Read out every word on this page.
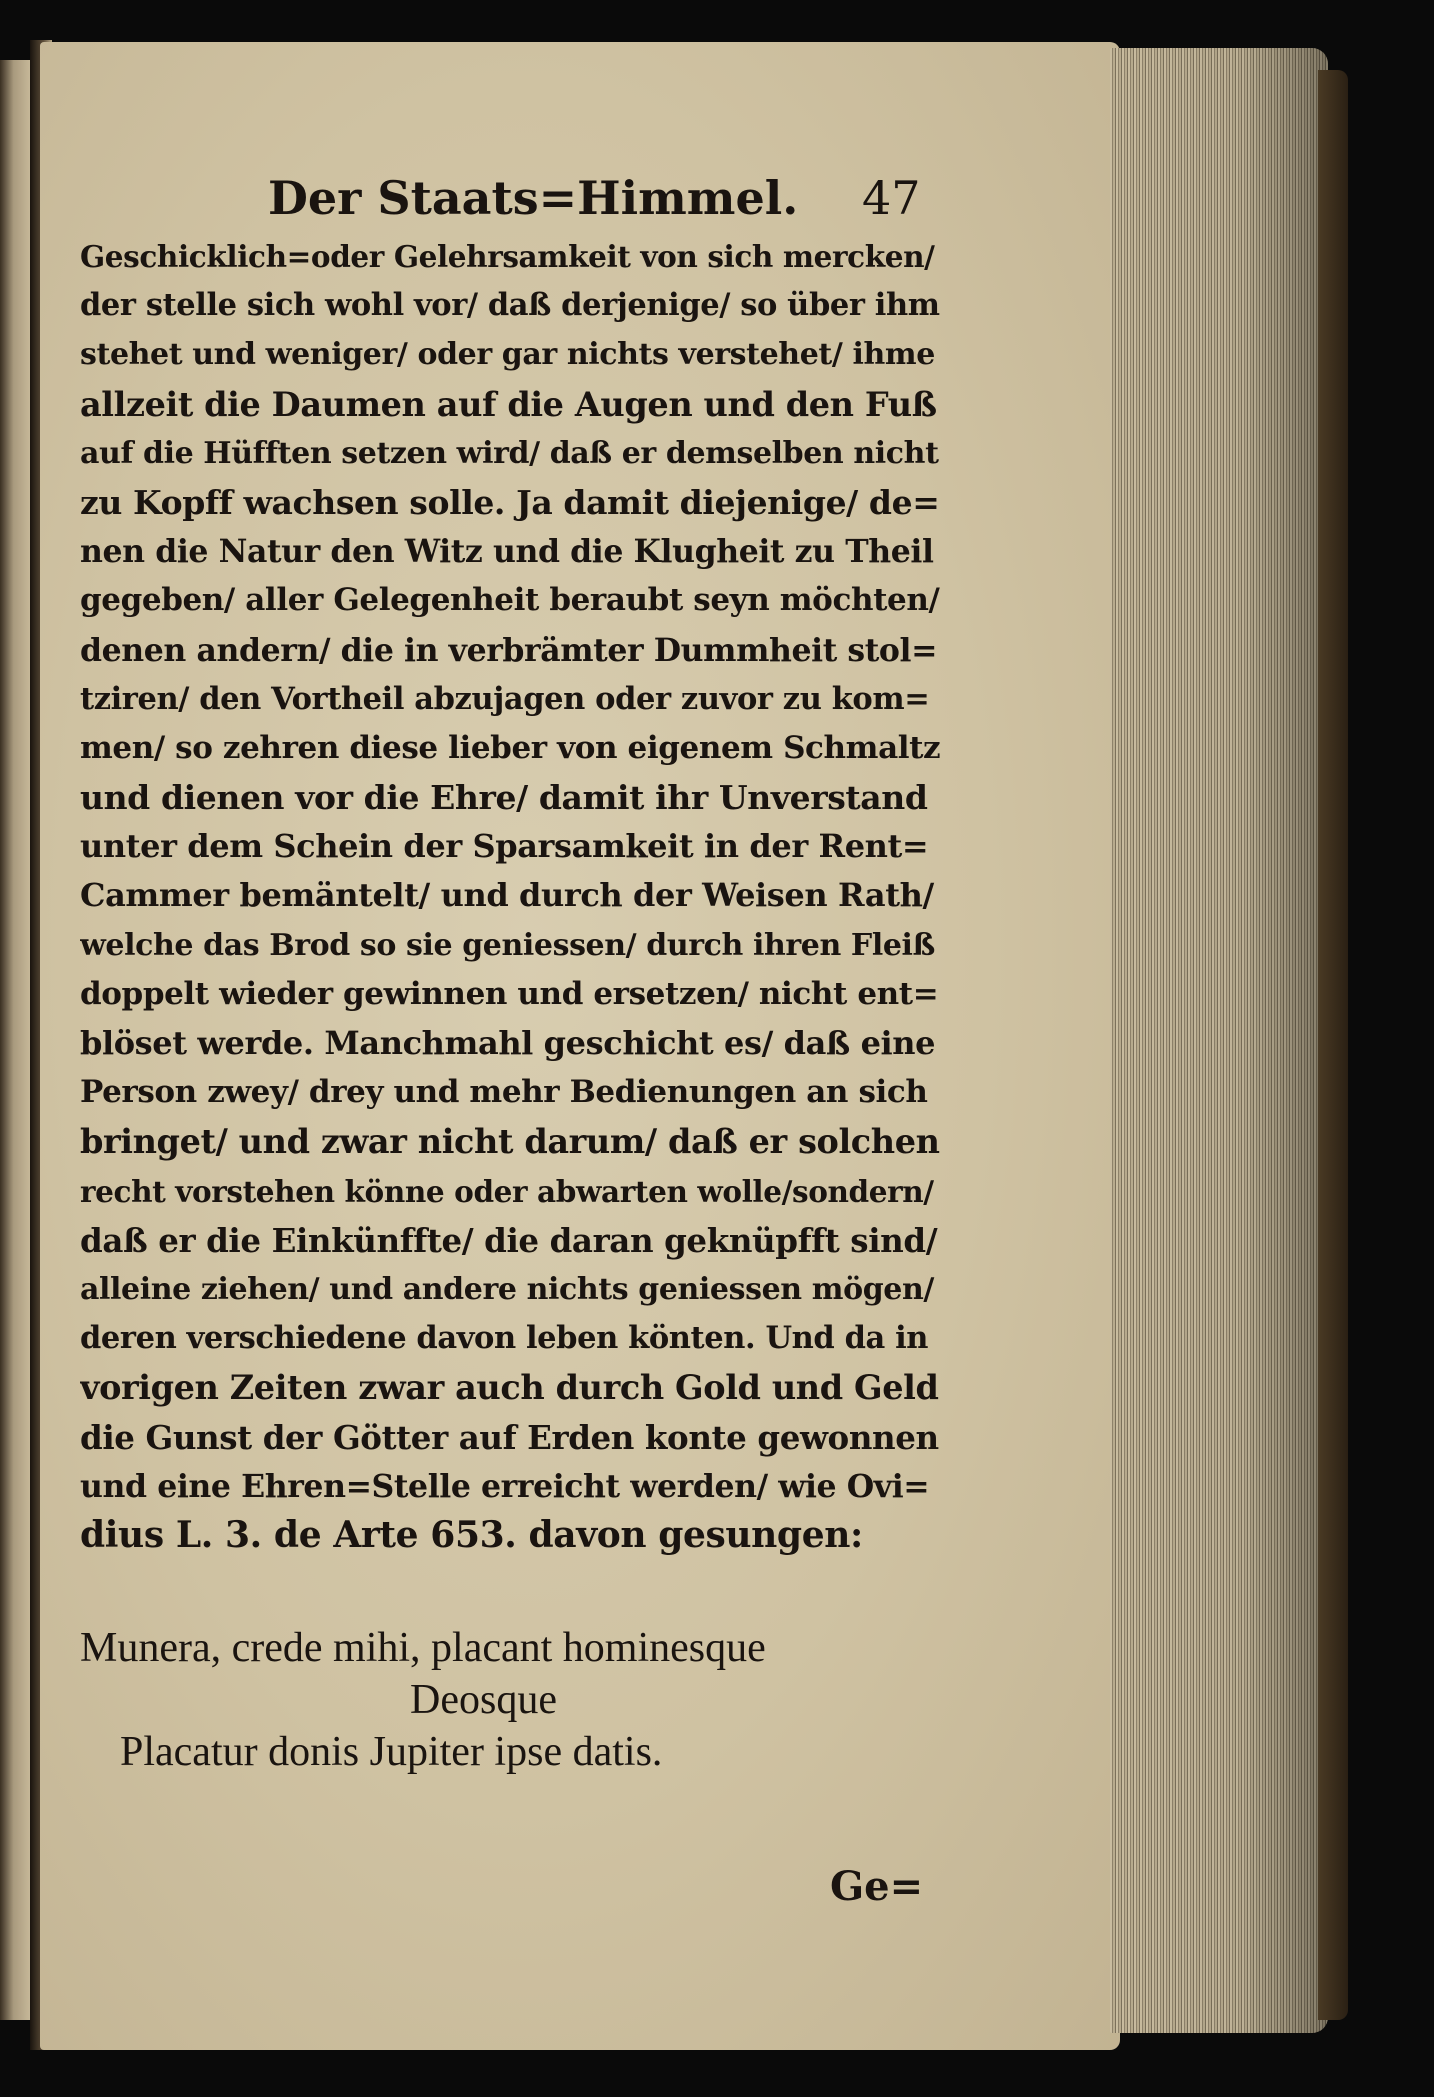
Der Staats=Himmel. 47
Geschicklich=oder Gelehrsamkeit von sich mercken/
der stelle sich wohl vor/ daß derjenige/ so über ihm
stehet und weniger/ oder gar nichts verstehet/ ihme
allzeit die Daumen auf die Augen und den Fuß
auf die Hüfften setzen wird/ daß er demselben nicht
zu Kopff wachsen solle. Ja damit diejenige/ de=
nen die Natur den Witz und die Klugheit zu Theil
gegeben/ aller Gelegenheit beraubt seyn möchten/
denen andern/ die in verbrämter Dummheit stol=
tziren/ den Vortheil abzujagen oder zuvor zu kom=
men/ so zehren diese lieber von eigenem Schmaltz
und dienen vor die Ehre/ damit ihr Unverstand
unter dem Schein der Sparsamkeit in der Rent=
Cammer bemäntelt/ und durch der Weisen Rath/
welche das Brod so sie geniessen/ durch ihren Fleiß
doppelt wieder gewinnen und ersetzen/ nicht ent=
blöset werde. Manchmahl geschicht es/ daß eine
Person zwey/ drey und mehr Bedienungen an sich
bringet/ und zwar nicht darum/ daß er solchen
recht vorstehen könne oder abwarten wolle/sondern/
daß er die Einkünffte/ die daran geknüpfft sind/
alleine ziehen/ und andere nichts geniessen mögen/
deren verschiedene davon leben könten. Und da in
vorigen Zeiten zwar auch durch Gold und Geld
die Gunst der Götter auf Erden konte gewonnen
und eine Ehren=Stelle erreicht werden/ wie Ovi=
dius L. 3. de Arte 653. davon gesungen:
Munera, crede mihi, placant hominesque
Deosque
Placatur donis Jupiter ipse datis.
Ge=
